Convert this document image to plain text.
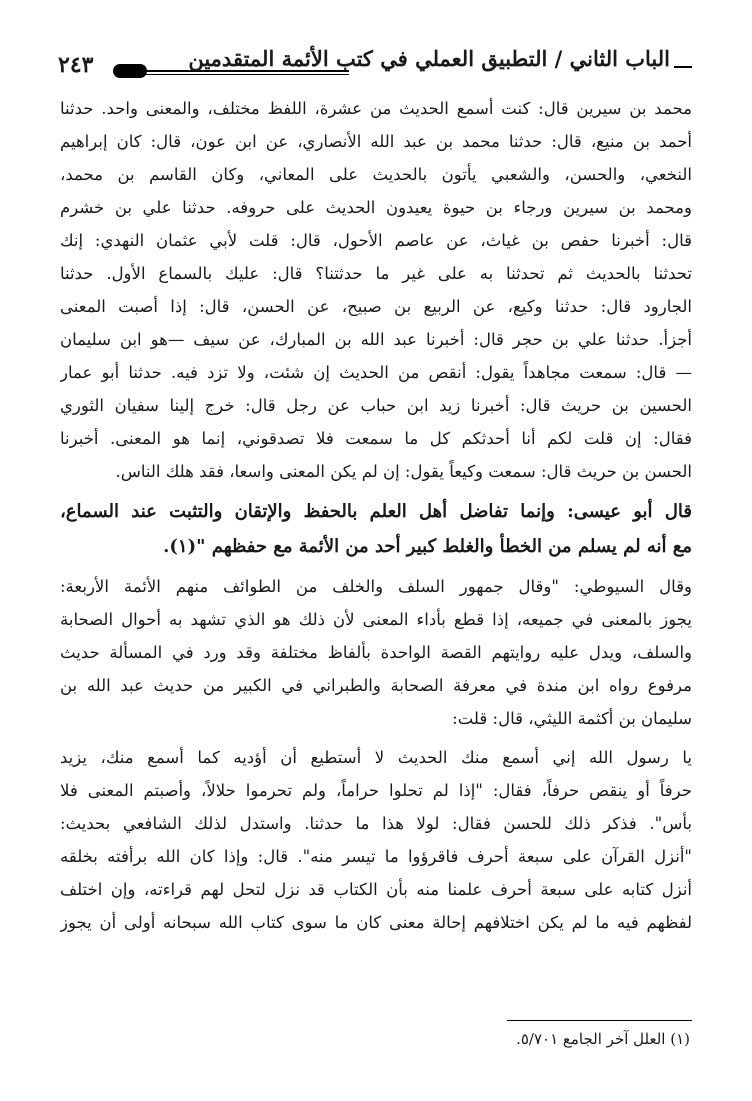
٢٤٣	الباب الثاني / التطبيق العملي في كتب الأئمة المتقدمين
محمد بن سيرين قال: كنت أسمع الحديث من عشرة، اللفظ مختلف، والمعنى واحد. حدثنا
أحمد بن منيع، قال: حدثنا محمد بن عبد الله الأنصاري، عن ابن عون، قال: كان إبراهيم
النخعي، والحسن، والشعبي يأتون بالحديث على المعاني، وكان القاسم بن محمد،
ومحمد بن سيرين ورجاء بن حيوة يعيدون الحديث على حروفه. حدثنا علي بن خشرم
قال: أخبرنا حفص بن غياث، عن عاصم الأحول، قال: قلت لأبي عثمان النهدي: إنك
تحدثنا بالحديث ثم تحدثنا به على غير ما حدثتنا؟ قال: عليك بالسماع الأول. حدثنا
الجارود قال: حدثنا وكيع، عن الربيع بن صبيح، عن الحسن، قال: إذا أصبت المعنى
أجزأ. حدثنا علي بن حجر قال: أخبرنا عبد الله بن المبارك، عن سيف —هو ابن سليمان
— قال: سمعت مجاهداً يقول: أنقص من الحديث إن شئت، ولا تزد فيه. حدثنا أبو عمار
الحسين بن حريث قال: أخبرنا زيد ابن حباب عن رجل قال: خرج إلينا سفيان الثوري
فقال: إن قلت لكم أنا أحدثكم كل ما سمعت فلا تصدقوني، إنما هو المعنى. أخبرنا
الحسن بن حريث قال: سمعت وكيعاً يقول: إن لم يكن المعنى واسعا، فقد هلك الناس.
قال أبو عيسى: وإنما تفاضل أهل العلم بالحفظ والإتقان والتثبت عند السماع،
مع أنه لم يسلم من الخطأ والغلط كبير أحد من الأئمة مع حفظهم "(١).
وقال السيوطي: "وقال جمهور السلف والخلف من الطوائف منهم الأئمة الأربعة:
يجوز بالمعنى في جميعه، إذا قطع بأداء المعنى لأن ذلك هو الذي تشهد به أحوال الصحابة
والسلف، ويدل عليه روايتهم القصة الواحدة بألفاظ مختلفة وقد ورد في المسألة حديث
مرفوع رواه ابن مندة في معرفة الصحابة والطبراني في الكبير من حديث عبد الله بن
سليمان بن أكثمة الليثي، قال: قلت:
يا رسول الله إني أسمع منك الحديث لا أستطيع أن أؤديه كما أسمع منك، يزيد
حرفاً أو ينقص حرفاً، فقال: "إذا لم تحلوا حراماً، ولم تحرموا حلالاً، وأصبتم المعنى فلا
بأس". فذكر ذلك للحسن فقال: لولا هذا ما حدثنا. واستدل لذلك الشافعي بحديث:
"أنزل القرآن على سبعة أحرف فاقرؤوا ما تيسر منه". قال: وإذا كان الله برأفته بخلقه
أنزل كتابه على سبعة أحرف علمنا منه بأن الكتاب قد نزل لتحل لهم قراءته، وإن اختلف
لفظهم فيه ما لم يكن اختلافهم إحالة معنى كان ما سوى كتاب الله سبحانه أولى أن يجوز
(١) العلل آخر الجامع ٥/٧٠١.
